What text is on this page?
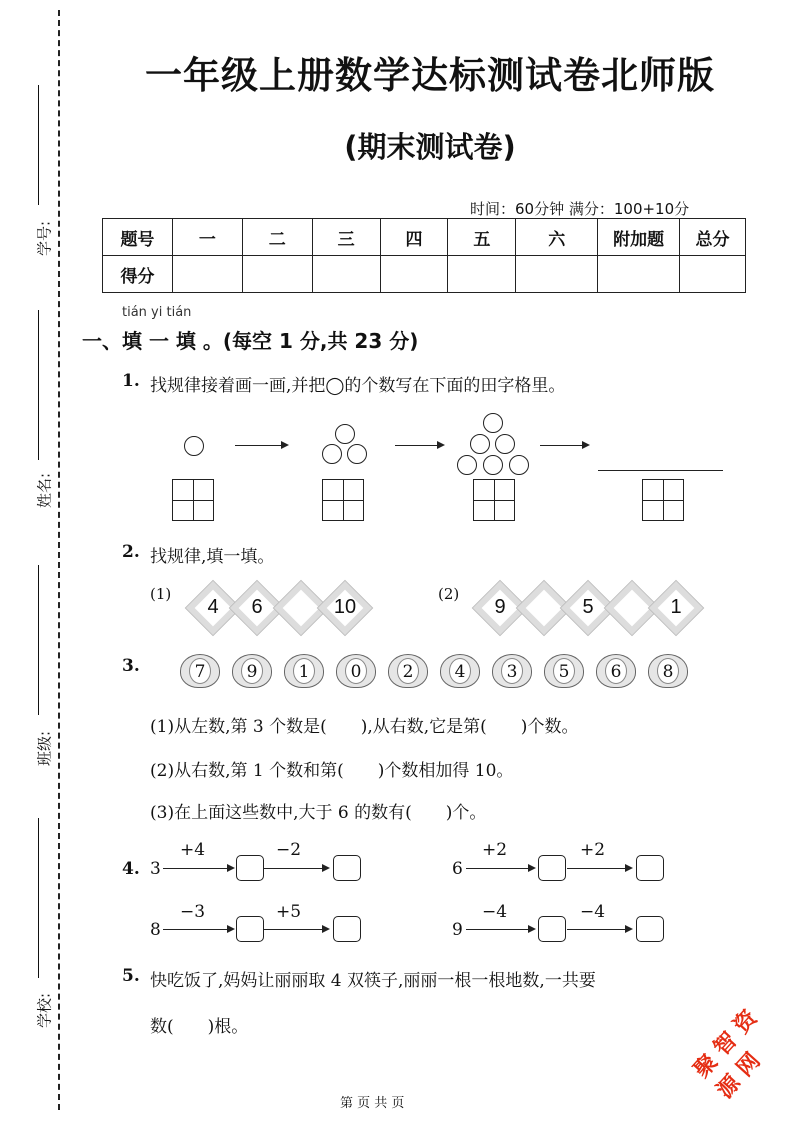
学号:
姓名:
班级:
学校:
一年级上册数学达标测试卷北师版
(期末测试卷)
时间：60分钟 满分：100+10分
题号	一	二	三	四	五	六	附加题	总分
得分								
tián yi tián
一、填 一 填 。(每空 1 分,共 23 分)
1. 找规律接着画一画,并把◯的个数写在下面的田字格里。
2. 找规律,填一填。
(1)
4	6	10
(2)
9	5	1
3.	7	9	1	0	2	4	3	5	6	8
(1)从左数,第 3 个数是(　　),从右数,它是第(　　)个数。
(2)从右数,第 1 个数和第(　　)个数相加得 10。
(3)在上面这些数中,大于 6 的数有(　　)个。
4. 3
+4	−2
6
+2	+2
8
−3	+5
9
−4	−4
5. 快吃饭了,妈妈让丽丽取 4 双筷子,丽丽一根一根地数,一共要
数(　　)根。	聚 智 资 源 网
第 页 共 页
